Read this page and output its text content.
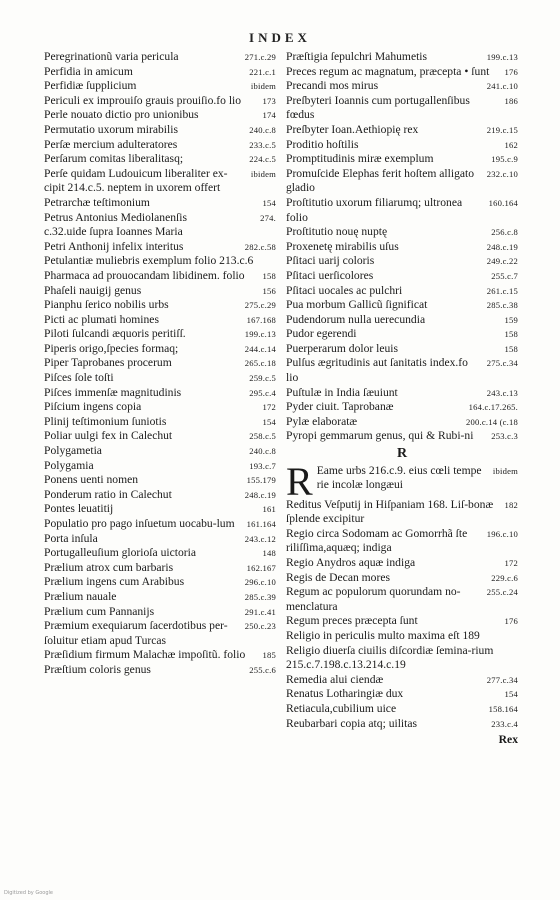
INDEX
271.c.29
Peregrinationũ varia pericula
221.c.1
Perfidia in amicum
ibidem
Perfidiæ ſupplicium
173
Periculi ex improuiſo grauis prouiſio.fo lio
174
Perle nouato dictio pro unionibus
240.c.8
Permutatio uxorum mirabilis
233.c.5
Perſæ mercium adulteratores
224.c.5
Perſarum comitas liberalitasq;
ibidem
Perſe quidam Ludouicum liberaliter ex-cipit 214.c.5. neptem in uxorem offert
154
Petrarchæ teſtimonium
274.
Petrus Antonius Mediolanenſis
c.32.uide ſupra Ioannes Maria
282.c.58
Petri Anthonij infelix interitus
Petulantiæ muliebris exemplum folio 213.c.6
158
Pharmaca ad prouocandam libidinem. folio
156
Phaſeli nauigij genus
275.c.29
Pianphu ſerico nobilis urbs
167.168
Picti ac plumati homines
199.c.13
Piloti ſulcandi æquoris peritiſſ.
244.c.14
Piperis origo,ſpecies formaq;
265.c.18
Piper Taprobanes procerum
259.c.5
Piſces ſole toſti
295.c.4
Piſces immenſæ magnitudinis
172
Piſcium ingens copia
154
Plinij teſtimonium ſuniotis
258.c.5
Poliar uulgi fex in Calechut
240.c.8
Polygametia
193.c.7
Polygamia
155.179
Ponens uenti nomen
248.c.19
Ponderum ratio in Calechut
161
Pontes leuatitij
161.164
Populatio pro pago inſuetum uocabu-lum
243.c.12
Porta inſula
148
Portugalleuſium glorioſa uictoria
162.167
Prælium atrox cum barbaris
296.c.10
Prælium ingens cum Arabibus
285.c.39
Prælium nauale
291.c.41
Prælium cum Pannanijs
250.c.23
Præmium exequiarum ſacerdotibus per-ſoluitur etiam apud Turcas
185
Præſidium firmum Malachæ impoſitũ. folio
255.c.6
Præſtium coloris genus
199.c.13
Præſtigia ſepulchri Mahumetis
176
Preces regum ac magnatum, præcepta • ſunt
241.c.10
Precandi mos mirus
186
Preſbyteri Ioannis cum portugallenſibus fœdus
219.c.15
Preſbyter Ioan.Aethiopię rex
162
Proditio hoſtilis
195.c.9
Promptitudinis miræ exemplum
232.c.10
Promuſcide Elephas ferit hoſtem alligato gladio
160.164
Proſtitutio uxorum filiarumq; ultronea folio
256.c.8
Proſtitutio nouę nuptę
248.c.19
Proxenetę mirabilis uſus
249.c.22
Pſitaci uarij coloris
255.c.7
Pſitaci uerſicolores
261.c.15
Pſitaci uocales ac pulchri
285.c.38
Pua morbum Gallicũ ſignificat
159
Pudendorum nulla uerecundia
158
Pudor egerendi
158
Puerperarum dolor leuis
275.c.34
Pulſus ægritudinis aut ſanitatis index.fo lio
243.c.13
Puſtulæ in India ſæuiunt
164.c.17.265.
Pyder ciuit. Taprobanæ
200.c.14 (c.18
Pylæ elaboratæ
253.c.3
Pyropi gemmarum genus, qui & Rubi-ni
R
R	ibidem
Eame urbs 216.c.9. eius cœli tempe rie incolæ longæui
182
Reditus Veſputij in Hiſpaniam 168. Liſ-bonæ ſplende excipitur
196.c.10
Regio circa Sodomam ac Gomorrhã ſte riliſſima,aquæq; indiga
172
Regio Anydros aquæ indiga
229.c.6
Regis de Decan mores
255.c.24
Regum ac populorum quorundam no-menclatura
176
Regum preces præcepta ſunt
Religio in periculis multo maxima eſt 189
Religio diuerſa ciuilis diſcordiæ ſemina-rium 215.c.7.198.c.13.214.c.19
277.c.34
Remedia alui ciendæ
154
Renatus Lotharingiæ dux
158.164
Retiacula,cubilium uice
233.c.4
Reubarbari copia atq; uilitas
Rex
Digitized by Google
